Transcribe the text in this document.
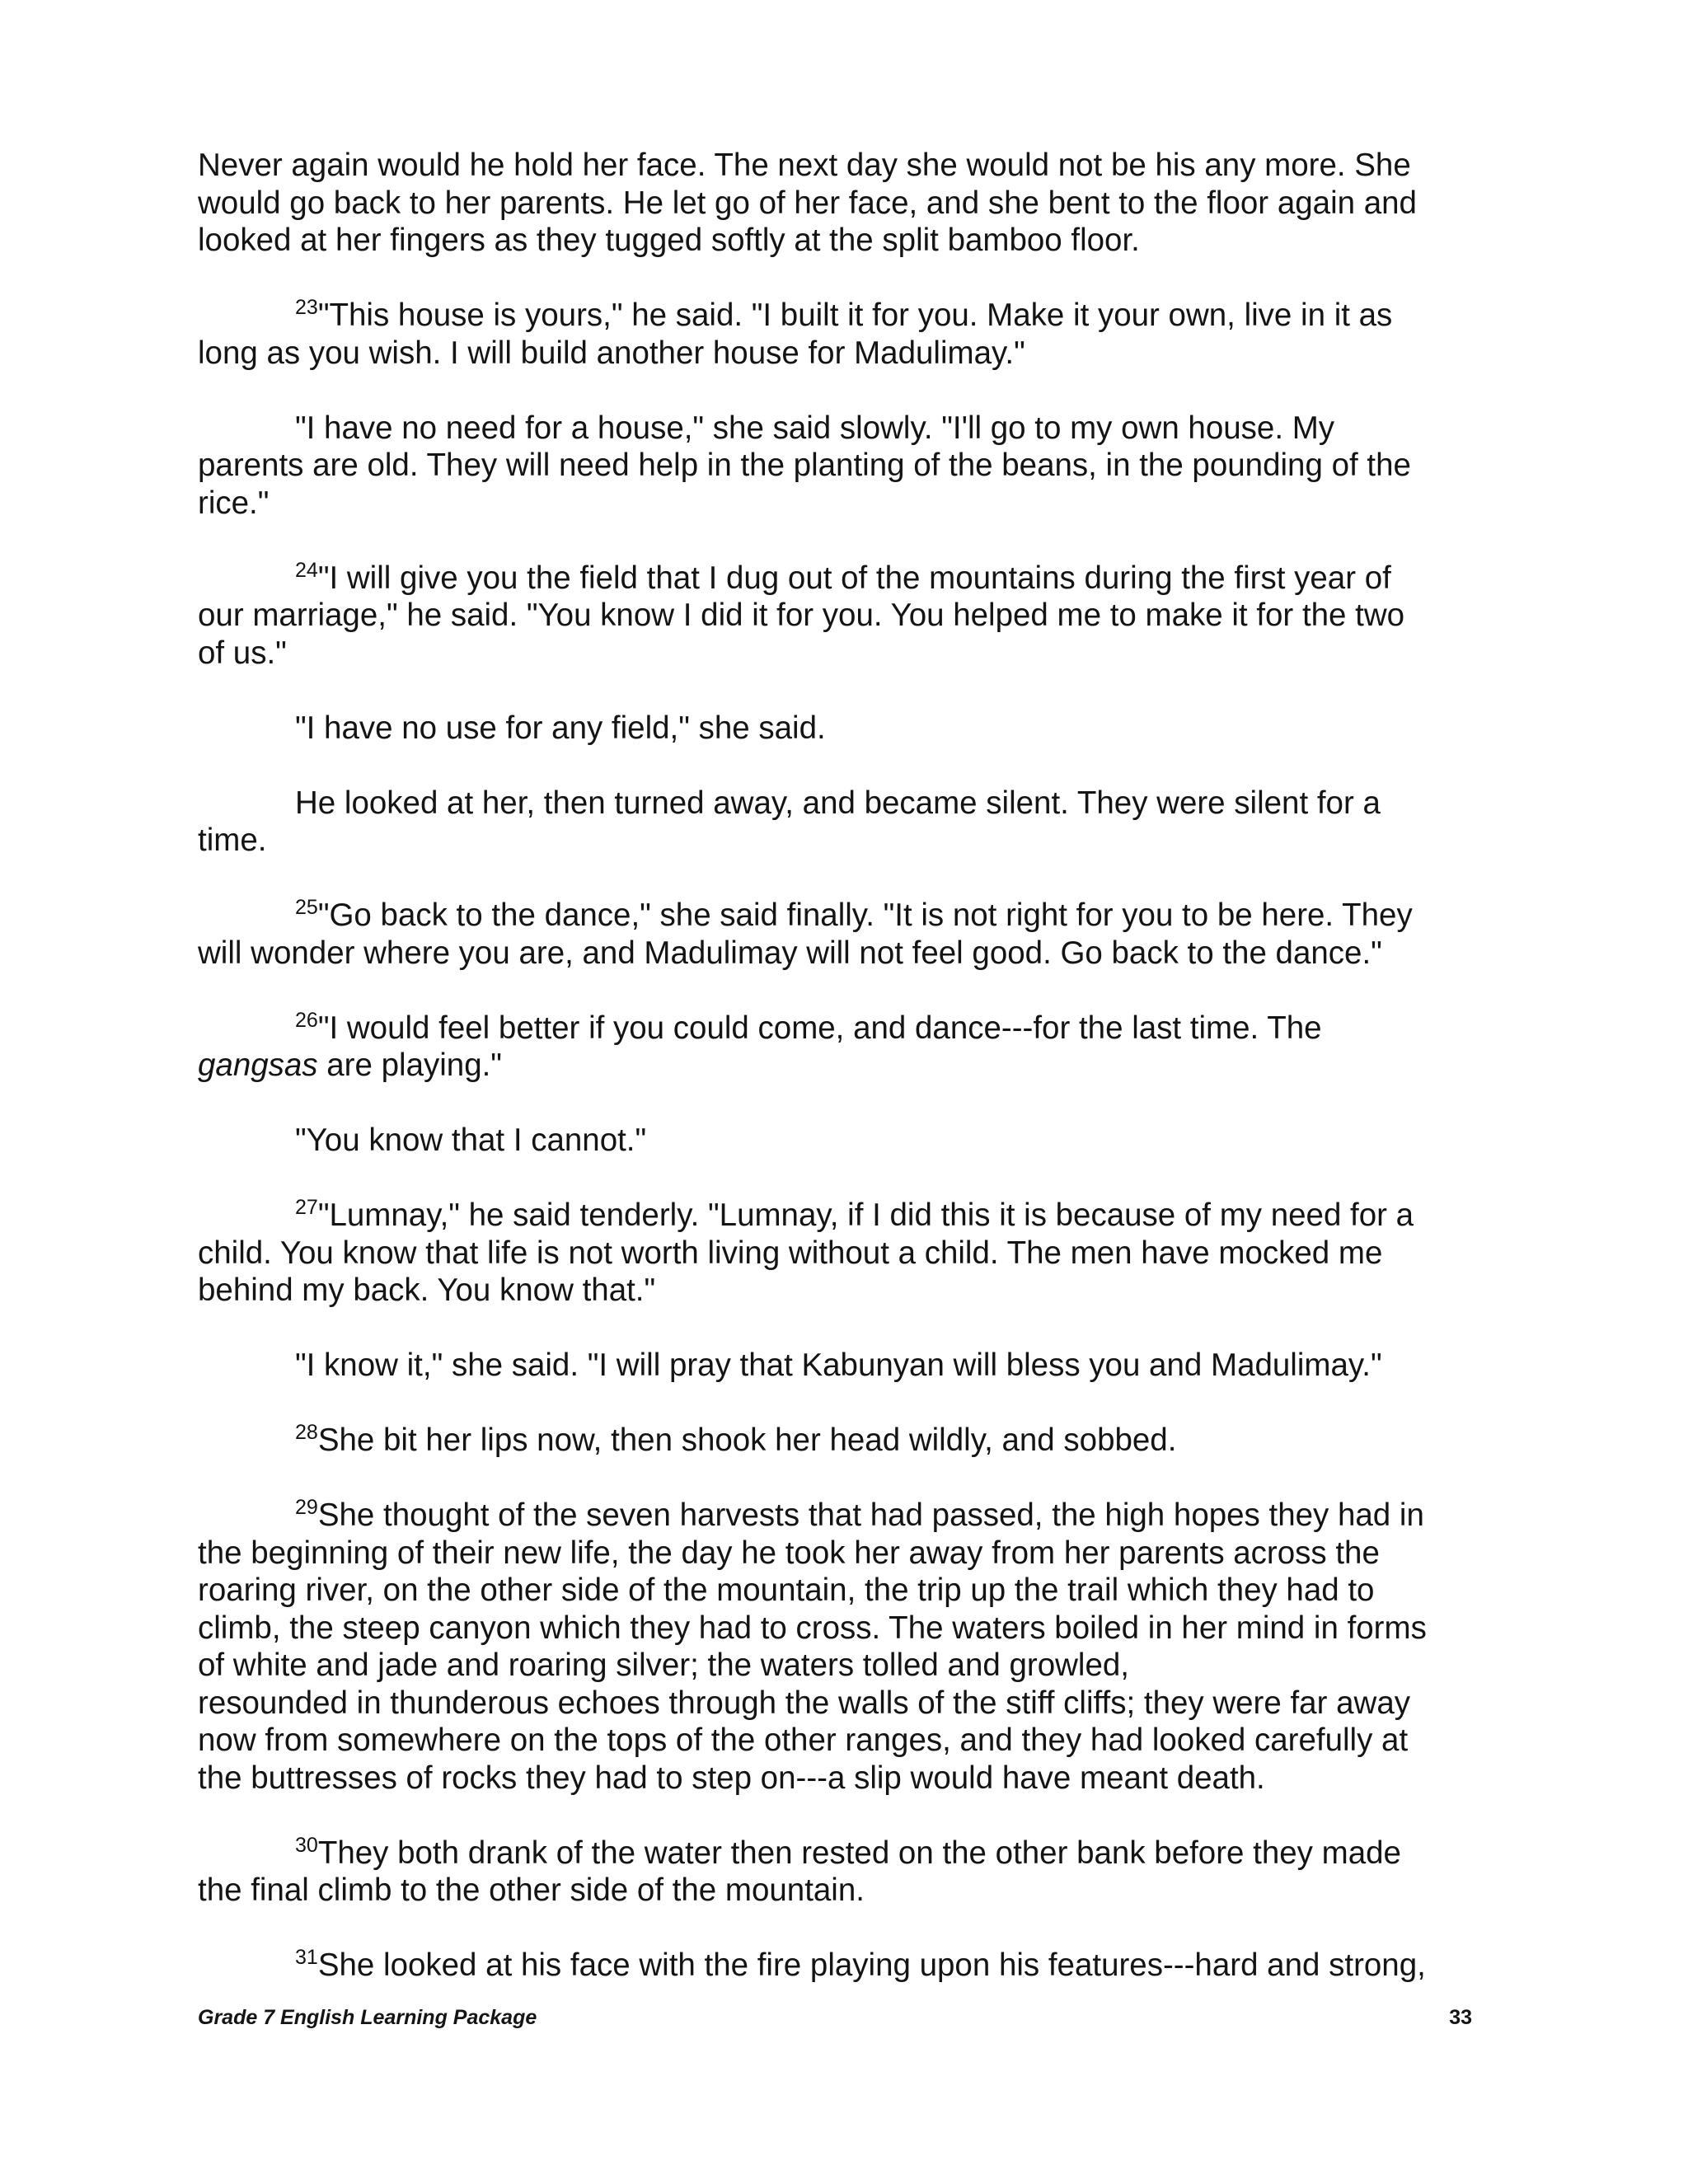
Never again would he hold her face. The next day she would not be his any more. She
would go back to her parents. He let go of her face, and she bent to the floor again and
looked at her fingers as they tugged softly at the split bamboo floor.

$^{23}$"This house is yours," he said. "I built it for you. Make it your own, live in it as
long as you wish. I will build another house for Madulimay."

"I have no need for a house," she said slowly. "I'll go to my own house. My
parents are old. They will need help in the planting of the beans, in the pounding of the
rice."

$^{24}$"I will give you the field that I dug out of the mountains during the first year of
our marriage," he said. "You know I did it for you. You helped me to make it for the two
of us."

"I have no use for any field," she said.

He looked at her, then turned away, and became silent. They were silent for a
time.

$^{25}$"Go back to the dance," she said finally. "It is not right for you to be here. They
will wonder where you are, and Madulimay will not feel good. Go back to the dance."

$^{26}$"I would feel better if you could come, and dance---for the last time. The
gangsas are playing."

"You know that I cannot."

$^{27}$"Lumnay," he said tenderly. "Lumnay, if I did this it is because of my need for a
child. You know that life is not worth living without a child. The men have mocked me
behind my back. You know that."

"I know it," she said. "I will pray that Kabunyan will bless you and Madulimay."

$^{28}$She bit her lips now, then shook her head wildly, and sobbed.

$^{29}$She thought of the seven harvests that had passed, the high hopes they had in
the beginning of their new life, the day he took her away from her parents across the
roaring river, on the other side of the mountain, the trip up the trail which they had to
climb, the steep canyon which they had to cross. The waters boiled in her mind in forms
of white and jade and roaring silver; the waters tolled and growled,
resounded in thunderous echoes through the walls of the stiff cliffs; they were far away
now from somewhere on the tops of the other ranges, and they had looked carefully at
the buttresses of rocks they had to step on---a slip would have meant death.

$^{30}$They both drank of the water then rested on the other bank before they made
the final climb to the other side of the mountain.

$^{31}$She looked at his face with the fire playing upon his features---hard and strong,

Grade 7 English Learning Package	33
